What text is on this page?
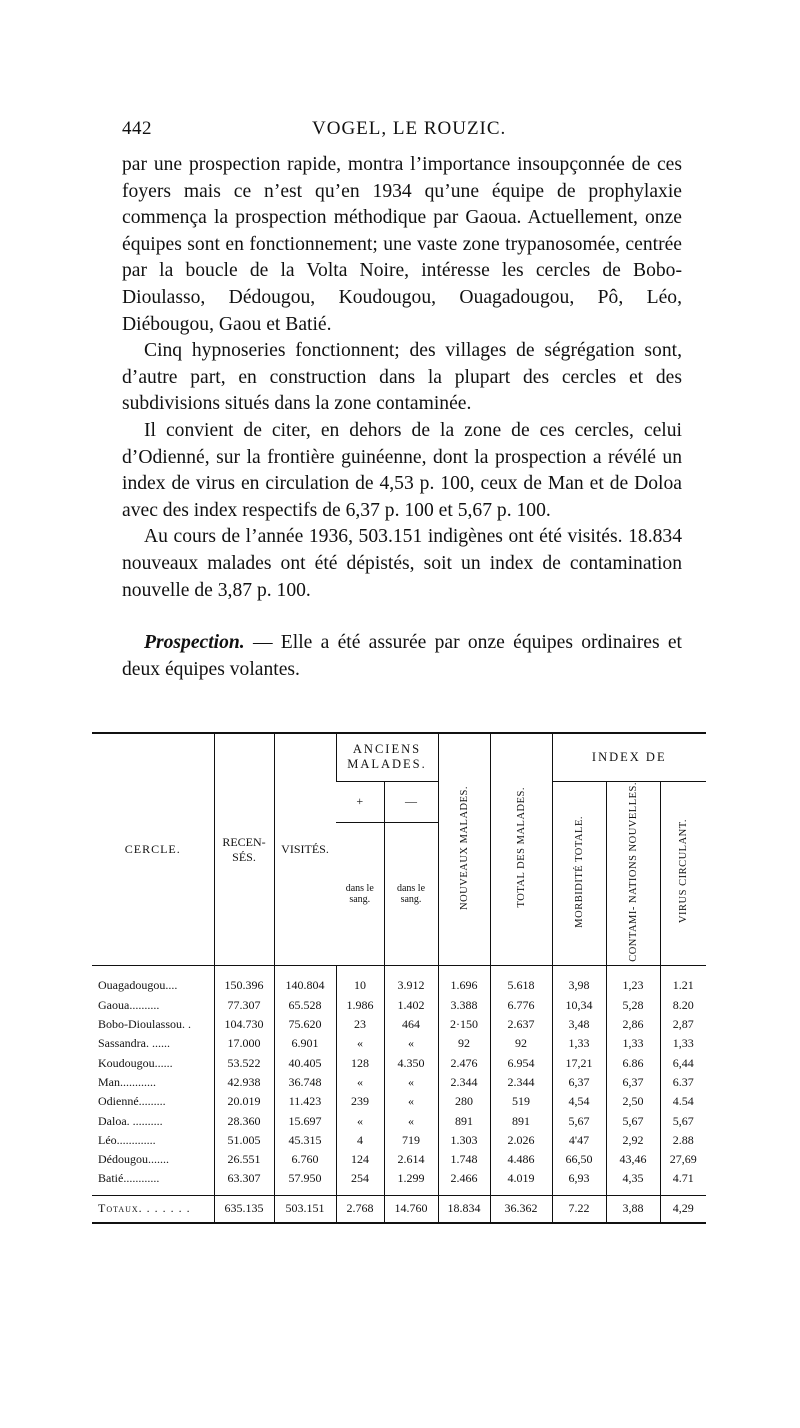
442	VOGEL, LE ROUZIC.

par une prospection rapide, montra l’importance insoupçonnée de ces foyers mais ce n’est qu’en 1934 qu’une équipe de prophylaxie commença la prospection méthodique par Gaoua. Actuellement, onze équipes sont en fonctionnement; une vaste zone trypanosomée, centrée par la boucle de la Volta Noire, intéresse les cercles de Bobo-Dioulasso, Dédougou, Koudougou, Ouagadougou, Pô, Léo, Diébougou, Gaou et Batié.

Cinq hypnoseries fonctionnent; des villages de ségrégation sont, d’autre part, en construction dans la plupart des cercles et des subdivisions situés dans la zone contaminée.

Il convient de citer, en dehors de la zone de ces cercles, celui d’Odienné, sur la frontière guinéenne, dont la prospection a révélé un index de virus en circulation de 4,53 p. 100, ceux de Man et de Doloa avec des index respectifs de 6,37 p. 100 et 5,67 p. 100.

Au cours de l’année 1936, 503.151 indigènes ont été visités. 18.834 nouveaux malades ont été dépistés, soit un index de contamination nouvelle de 3,87 p. 100.

Prospection. — Elle a été assurée par onze équipes ordinaires et deux équipes volantes.

CERCLE.	RECEN- SÉS.	VISITÉS.	ANCIENS MALADES.		NOUVEAUX MALADES.	TOTAL DES MALADES.	INDEX DE		
			+	—			MORBIDITÉ TOTALE.	CONTAMI- NATIONS NOUVELLES.	VIRUS CIRCULANT.
			dans le sang.	dans le sang.					

Ouagadougou....	150.396	140.804	10	3.912	1.696	5.618	3,98	1,23	1.21
Gaoua..........	77.307	65.528	1.986	1.402	3.388	6.776	10,34	5,28	8.20
Bobo-Dioulassou. .	104.730	75.620	23	464	2·150	2.637	3,48	2,86	2,87
Sassandra. ......	17.000	6.901	«	«	92	92	1,33	1,33	1,33
Koudougou......	53.522	40.405	128	4.350	2.476	6.954	17,21	6.86	6,44
Man............	42.938	36.748	«	«	2.344	2.344	6,37	6,37	6.37
Odienné.........	20.019	11.423	239	«	280	519	4,54	2,50	4.54
Daloa. ..........	28.360	15.697	«	«	891	891	5,67	5,67	5,67
Léo.............	51.005	45.315	4	719	1.303	2.026	4'47	2,92	2.88
Dédougou.......	26.551	6.760	124	2.614	1.748	4.486	66,50	43,46	27,69
Batié............	63.307	57.950	254	1.299	2.466	4.019	6,93	4,35	4.71
Totaux. . . . . . .	635.135	503.151	2.768	14.760	18.834	36.362	7.22	3,88	4,29
